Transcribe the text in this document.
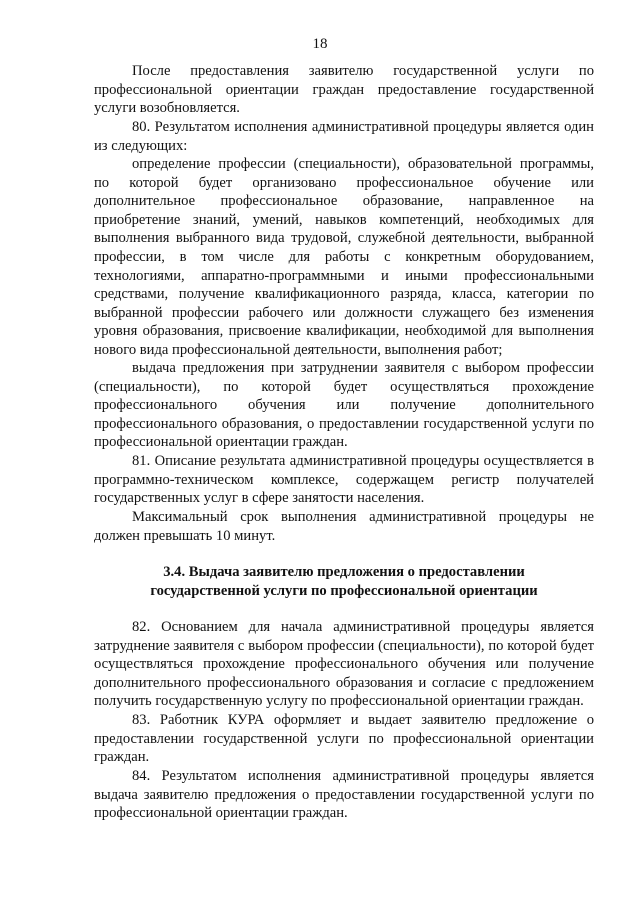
18

После предоставления заявителю государственной услуги по профессиональной ориентации граждан предоставление государственной услуги возобновляется.

80. Результатом исполнения административной процедуры является один из следующих:

определение профессии (специальности), образовательной программы, по которой будет организовано профессиональное обучение или дополнительное профессиональное образование, направленное на приобретение знаний, умений, навыков компетенций, необходимых для выполнения выбранного вида трудовой, служебной деятельности, выбранной профессии, в том числе для работы с конкретным оборудованием, технологиями, аппаратно-программными и иными профессиональными средствами, получение квалификационного разряда, класса, категории по выбранной профессии рабочего или должности служащего без изменения уровня образования, присвоение квалификации, необходимой для выполнения нового вида профессиональной деятельности, выполнения работ;

выдача предложения при затруднении заявителя с выбором профессии (специальности), по которой будет осуществляться прохождение профессионального обучения или получение дополнительного профессионального образования, о предоставлении государственной услуги по профессиональной ориентации граждан.

81. Описание результата административной процедуры осуществляется в программно-техническом комплексе, содержащем регистр получателей государственных услуг в сфере занятости населения.

Максимальный срок выполнения административной процедуры не должен превышать 10 минут.

3.4. Выдача заявителю предложения о предоставлении государственной услуги по профессиональной ориентации

82. Основанием для начала административной процедуры является затруднение заявителя с выбором профессии (специальности), по которой будет осуществляться прохождение профессионального обучения или получение дополнительного профессионального образования и согласие с предложением получить государственную услугу по профессиональной ориентации граждан.

83. Работник КУРА оформляет и выдает заявителю предложение о предоставлении государственной услуги по профессиональной ориентации граждан.

84. Результатом исполнения административной процедуры является выдача заявителю предложения о предоставлении государственной услуги по профессиональной ориентации граждан.
